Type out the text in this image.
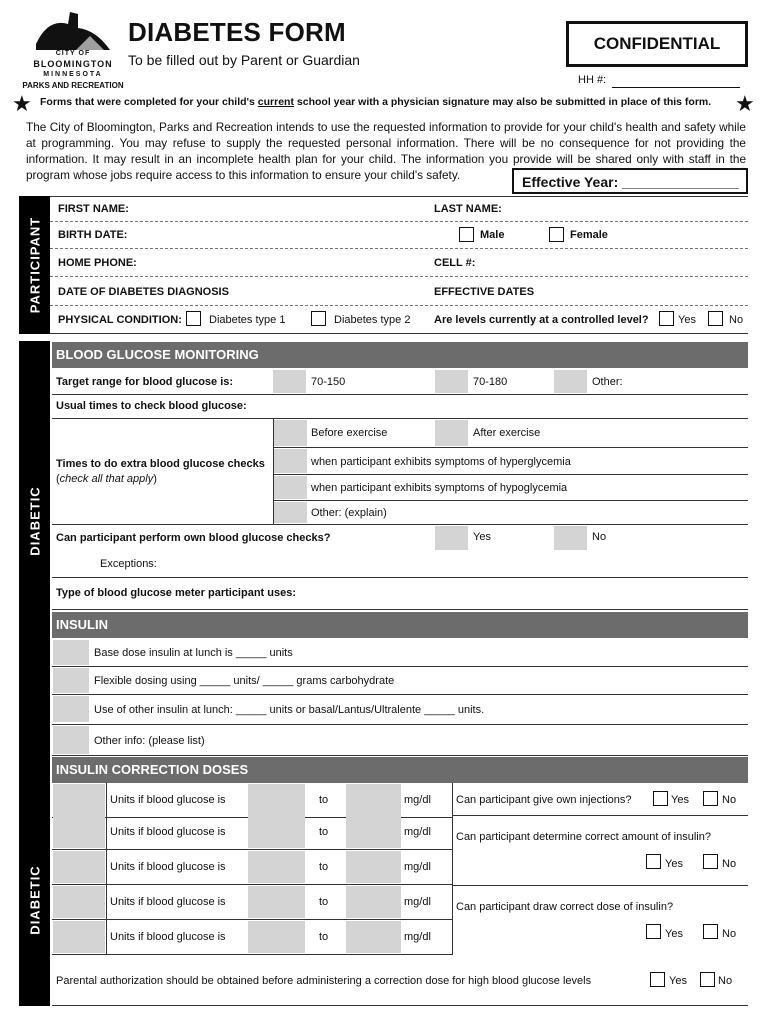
CITY OF
BLOOMINGTON
MINNESOTA
PARKS AND RECREATION
DIABETES FORM
To be filled out by Parent or Guardian
CONFIDENTIAL
HH #:
★ Forms that were completed for your child's current school year with a physician signature may also be submitted in place of this form. ★
The City of Bloomington, Parks and Recreation intends to use the requested information to provide for your child's health and safety while at programming. You may refuse to supply the requested personal information. There will be no consequence for not providing the information. It may result in an incomplete health plan for your child. The information you provide will be shared only with staff in the program whose jobs require access to this information to ensure your child's safety.	Effective Year: _______________
PARTICIPANT
FIRST NAME:	LAST NAME:
BIRTH DATE:	Male	Female
HOME PHONE:	CELL #:
DATE OF DIABETES DIAGNOSIS	EFFECTIVE DATES
PHYSICAL CONDITION: Diabetes type 1	Diabetes type 2 Are levels currently at a controlled level?	Yes	No
DIABETIC
DIABETIC
BLOOD GLUCOSE MONITORING
Target range for blood glucose is:	70-150	70-180	Other:
Usual times to check blood glucose:
Times to do extra blood glucose checks
(check all that apply)
Before exercise	After exercise
when participant exhibits symptoms of hyperglycemia
when participant exhibits symptoms of hypoglycemia
Other: (explain)
Can participant perform own blood glucose checks?	Yes	No
Exceptions:
Type of blood glucose meter participant uses:
INSULIN
Base dose insulin at lunch is _____ units
Flexible dosing using _____ units/ _____ grams carbohydrate
Use of other insulin at lunch: _____ units or basal/Lantus/Ultralente _____ units.
Other info: (please list)
INSULIN CORRECTION DOSES
Units if blood glucose is	to	mg/dl
Units if blood glucose is	to	mg/dl
Units if blood glucose is	to	mg/dl
Units if blood glucose is	to	mg/dl
Units if blood glucose is	to	mg/dl
Can participant give own injections?	Yes	No
Can participant determine correct amount of insulin?
Yes	No
Can participant draw correct dose of insulin?
Yes	No
Parental authorization should be obtained before administering a correction dose for high blood glucose levels	Yes	No
